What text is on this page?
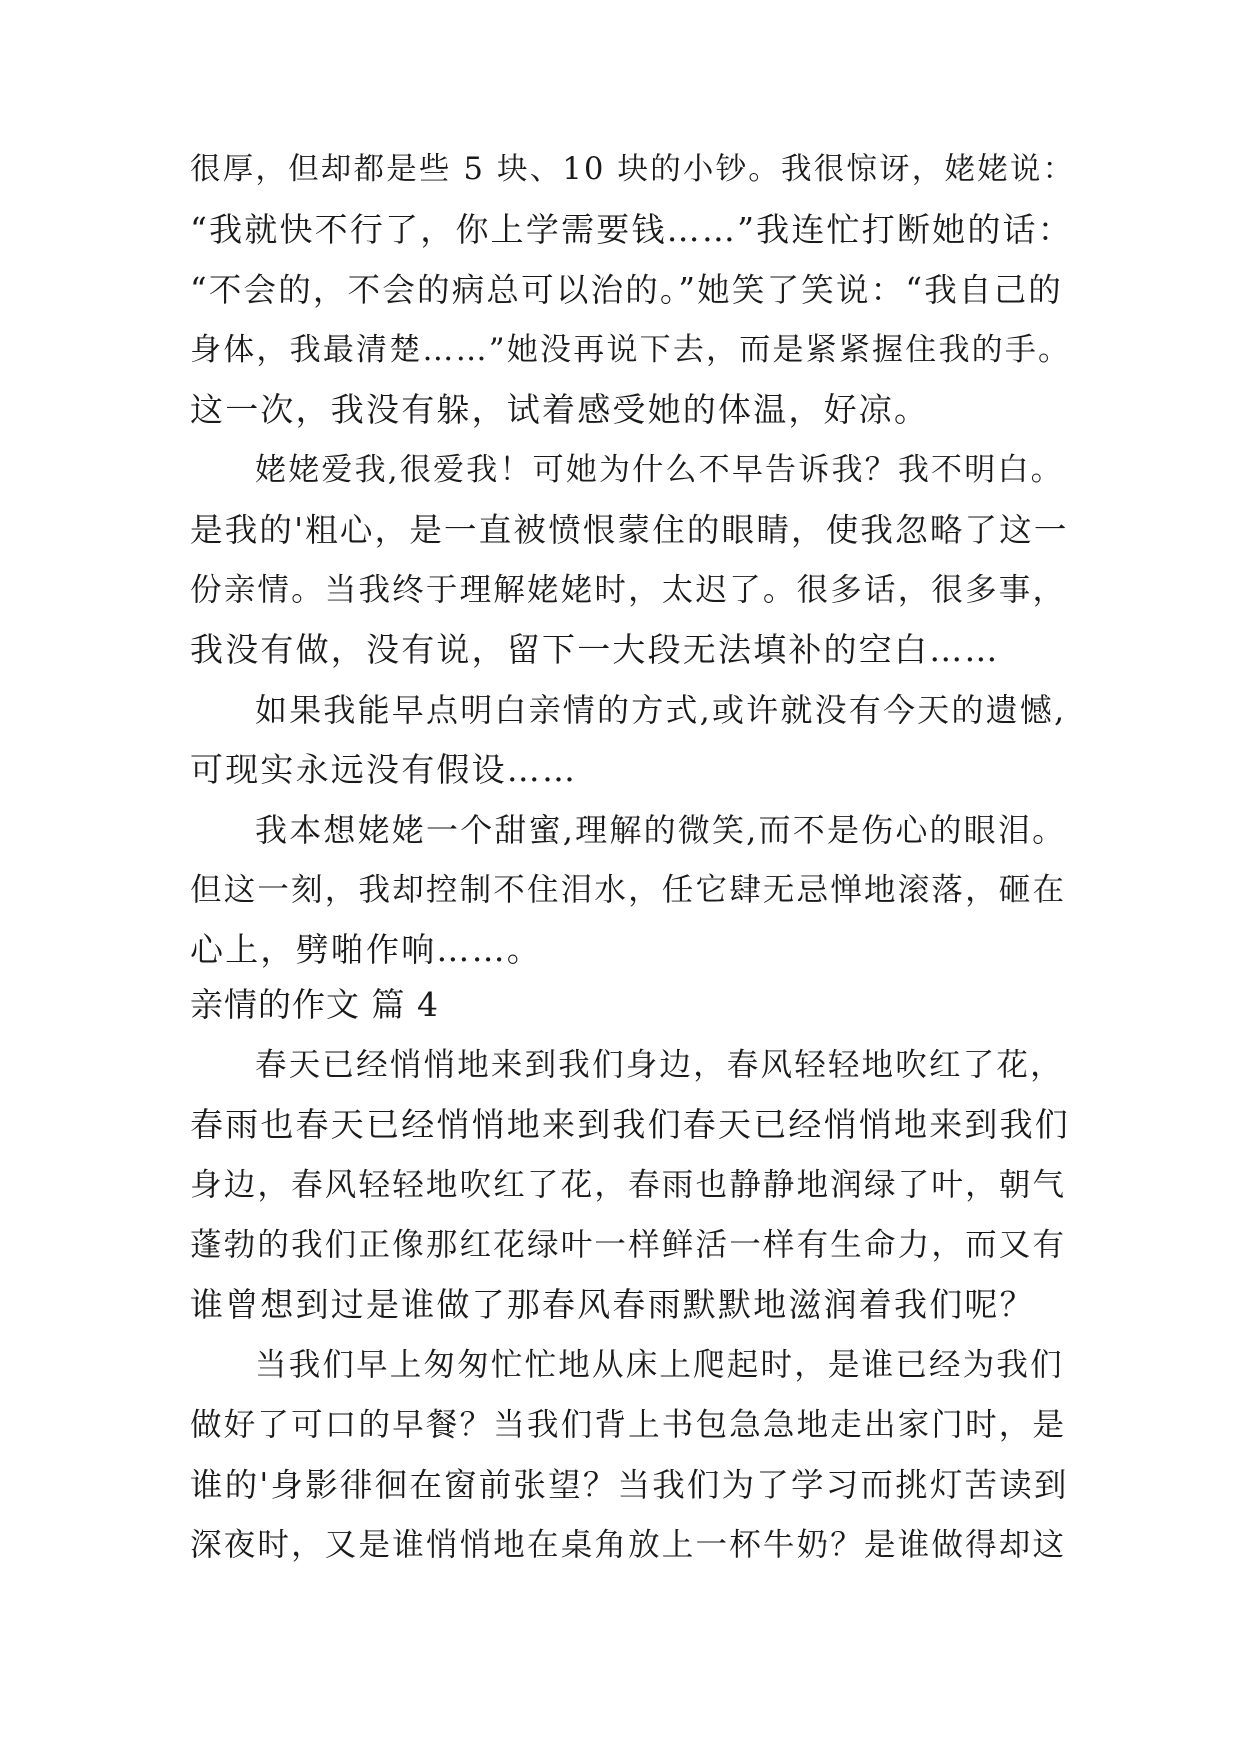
很厚，但却都是些 5 块、10 块的小钞。我很惊讶，姥姥说：
“我就快不行了，你上学需要钱……”我连忙打断她的话：
“不会的，不会的病总可以治的。”她笑了笑说：“我自己的
身体，我最清楚……”她没再说下去，而是紧紧握住我的手。
这一次，我没有躲，试着感受她的体温，好凉。
姥姥爱我,很爱我！可她为什么不早告诉我？我不明白。
是我的'粗心，是一直被愤恨蒙住的眼睛，使我忽略了这一
份亲情。当我终于理解姥姥时，太迟了。很多话，很多事，
我没有做，没有说，留下一大段无法填补的空白……
如果我能早点明白亲情的方式,或许就没有今天的遗憾,
可现实永远没有假设……
我本想姥姥一个甜蜜,理解的微笑,而不是伤心的眼泪。
但这一刻，我却控制不住泪水，任它肆无忌惮地滚落，砸在
心上，劈啪作响……。
亲情的作文 篇 4
春天已经悄悄地来到我们身边，春风轻轻地吹红了花，
春雨也春天已经悄悄地来到我们春天已经悄悄地来到我们
身边，春风轻轻地吹红了花，春雨也静静地润绿了叶，朝气
蓬勃的我们正像那红花绿叶一样鲜活一样有生命力，而又有
谁曾想到过是谁做了那春风春雨默默地滋润着我们呢？
当我们早上匆匆忙忙地从床上爬起时，是谁已经为我们
做好了可口的早餐？当我们背上书包急急地走出家门时，是
谁的'身影徘徊在窗前张望？当我们为了学习而挑灯苦读到
深夜时，又是谁悄悄地在桌角放上一杯牛奶？是谁做得却这
